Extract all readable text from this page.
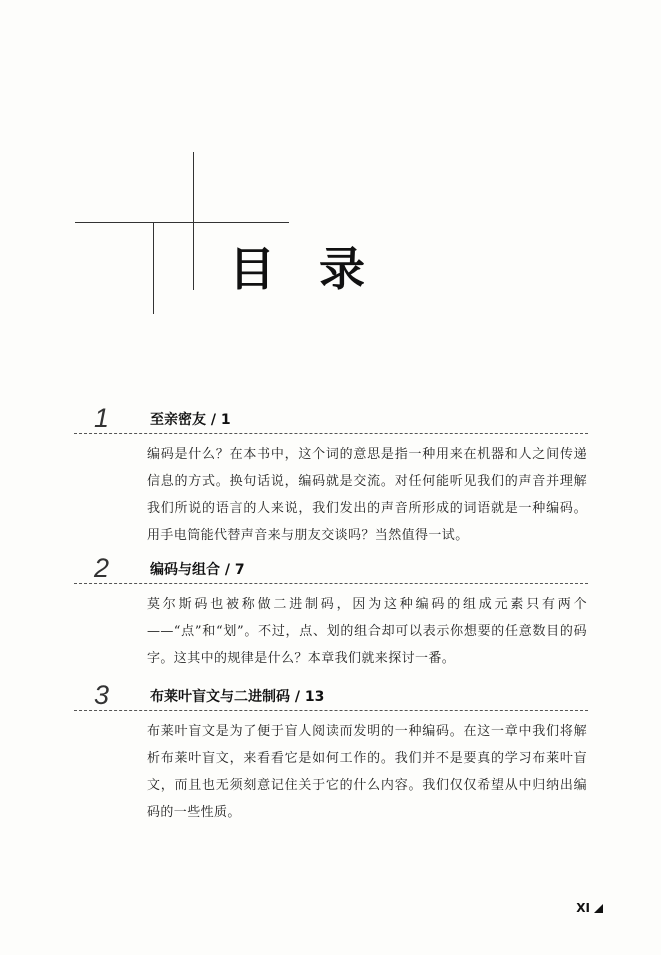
目录
1	至亲密友 / 1

编码是什么？在本书中，这个词的意思是指一种用来在机器和人之间传递信息的方式。换句话说，编码就是交流。对任何能听见我们的声音并理解我们所说的语言的人来说，我们发出的声音所形成的词语就是一种编码。用手电筒能代替声音来与朋友交谈吗？当然值得一试。

2	编码与组合 / 7

莫尔斯码也被称做二进制码，因为这种编码的组成元素只有两个——“点”和“划”。不过，点、划的组合却可以表示你想要的任意数目的码字。这其中的规律是什么？本章我们就来探讨一番。

3	布莱叶盲文与二进制码 / 13

布莱叶盲文是为了便于盲人阅读而发明的一种编码。在这一章中我们将解析布莱叶盲文，来看看它是如何工作的。我们并不是要真的学习布莱叶盲文，而且也无须刻意记住关于它的什么内容。我们仅仅希望从中归纳出编码的一些性质。

XI
